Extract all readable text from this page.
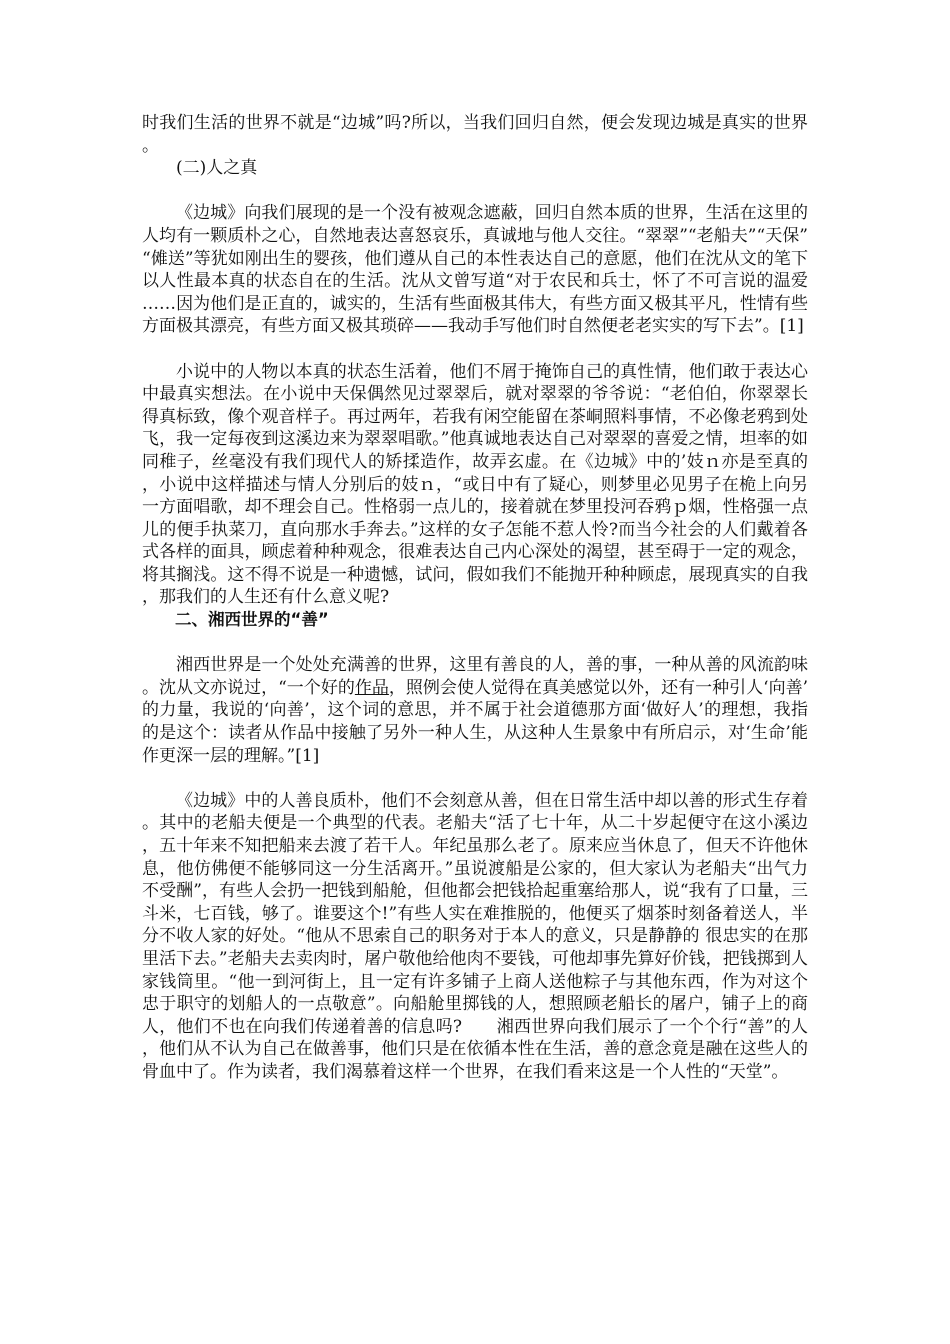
时我们生活的世界不就是“边城”吗?所以，当我们回归自然，便会发现边城是真实的世界。

(二)人之真

《边城》向我们展现的是一个没有被观念遮蔽，回归自然本质的世界，生活在这里的人均有一颗质朴之心，自然地表达喜怒哀乐，真诚地与他人交往。“翠翠”“老船夫”“天保”“傩送”等犹如刚出生的婴孩，他们遵从自己的本性表达自己的意愿，他们在沈从文的笔下以人性最本真的状态自在的生活。沈从文曾写道“对于农民和兵士，怀了不可言说的温爱……因为他们是正直的，诚实的，生活有些面极其伟大，有些方面又极其平凡，性情有些方面极其漂亮，有些方面又极其琐碎——我动手写他们时自然便老老实实的写下去”。[1]

小说中的人物以本真的状态生活着，他们不屑于掩饰自己的真性情，他们敢于表达心中最真实想法。在小说中天保偶然见过翠翠后，就对翠翠的爷爷说：“老伯伯，你翠翠长得真标致，像个观音样子。再过两年，若我有闲空能留在茶峒照料事情，不必像老鸦到处飞，我一定每夜到这溪边来为翠翠唱歌。”他真诚地表达自己对翠翠的喜爱之情，坦率的如同稚子，丝毫没有我们现代人的矫揉造作，故弄玄虚。在《边城》中的’妓ｎ亦是至真的，小说中这样描述与情人分别后的妓ｎ，“或日中有了疑心，则梦里必见男子在桅上向另一方面唱歌，却不理会自己。性格弱一点儿的，接着就在梦里投河吞鸦ｐ烟，性格强一点儿的便手执菜刀，直向那水手奔去。”这样的女子怎能不惹人怜?而当今社会的人们戴着各式各样的面具，顾虑着种种观念，很难表达自己内心深处的渴望，甚至碍于一定的观念，将其搁浅。这不得不说是一种遗憾，试问，假如我们不能抛开种种顾虑，展现真实的自我，那我们的人生还有什么意义呢?

二、湘西世界的“善”

湘西世界是一个处处充满善的世界，这里有善良的人，善的事，一种从善的风流韵味。沈从文亦说过，“一个好的作品，照例会使人觉得在真美感觉以外，还有一种引人‘向善’的力量，我说的‘向善’，这个词的意思，并不属于社会道德那方面‘做好人’的理想，我指的是这个：读者从作品中接触了另外一种人生，从这种人生景象中有所启示，对‘生命’能作更深一层的理解。”[1]

《边城》中的人善良质朴，他们不会刻意从善，但在日常生活中却以善的形式生存着。其中的老船夫便是一个典型的代表。老船夫“活了七十年，从二十岁起便守在这小溪边，五十年来不知把船来去渡了若干人。年纪虽那么老了。原来应当休息了，但天不许他休息，他仿佛便不能够同这一分生活离开。”虽说渡船是公家的，但大家认为老船夫“出气力不受酬”，有些人会扔一把钱到船舱，但他都会把钱拾起重塞给那人，说“我有了口量，三斗米，七百钱，够了。谁要这个!”有些人实在难推脱的，他便买了烟茶时刻备着送人，半分不收人家的好处。“他从不思索自己的职务对于本人的意义，只是静静的 很忠实的在那里活下去。”老船夫去卖肉时，屠户敬他给他肉不要钱，可他却事先算好价钱，把钱掷到人家钱筒里。“他一到河街上，且一定有许多铺子上商人送他粽子与其他东西，作为对这个忠于职守的划船人的一点敬意”。向船舱里掷钱的人，想照顾老船长的屠户，铺子上的商人，他们不也在向我们传递着善的信息吗?　　湘西世界向我们展示了一个个行“善”的人，他们从不认为自己在做善事，他们只是在依循本性在生活，善的意念竟是融在这些人的骨血中了。作为读者，我们渴慕着这样一个世界，在我们看来这是一个人性的“天堂”。
